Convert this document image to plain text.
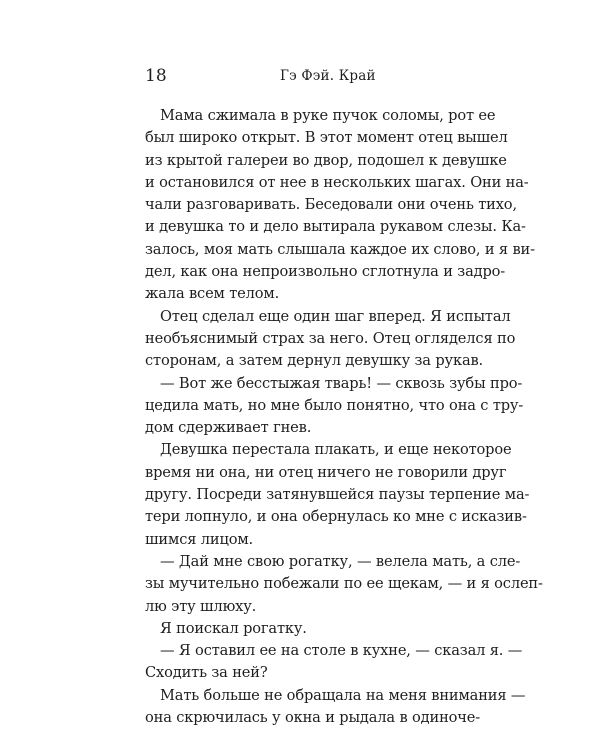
18	Гэ Фэй. Край
Мама сжимала в руке пучок соломы, рот ее
был широко открыт. В этот момент отец вышел
из крытой галереи во двор, подошел к девушке
и остановился от нее в нескольких шагах. Они на-
чали разговаривать. Беседовали они очень тихо,
и девушка то и дело вытирала рукавом слезы. Ка-
залось, моя мать слышала каждое их слово, и я ви-
дел, как она непроизвольно сглотнула и задро-
жала всем телом.
Отец сделал еще один шаг вперед. Я испытал
необъяснимый страх за него. Отец огляделся по
сторонам, а затем дернул девушку за рукав.
— Вот же бесстыжая тварь! — сквозь зубы про-
цедила мать, но мне было понятно, что она с тру-
дом сдерживает гнев.
Девушка перестала плакать, и еще некоторое
время ни она, ни отец ничего не говорили друг
другу. Посреди затянувшейся паузы терпение ма-
тери лопнуло, и она обернулась ко мне с исказив-
шимся лицом.
— Дай мне свою рогатку, — велела мать, а сле-
зы мучительно побежали по ее щекам, — и я ослеп-
лю эту шлюху.
Я поискал рогатку.
— Я оставил ее на столе в кухне, — сказал я. —
Сходить за ней?
Мать больше не обращала на меня внимания —
она скрючилась у окна и рыдала в одиноче-
